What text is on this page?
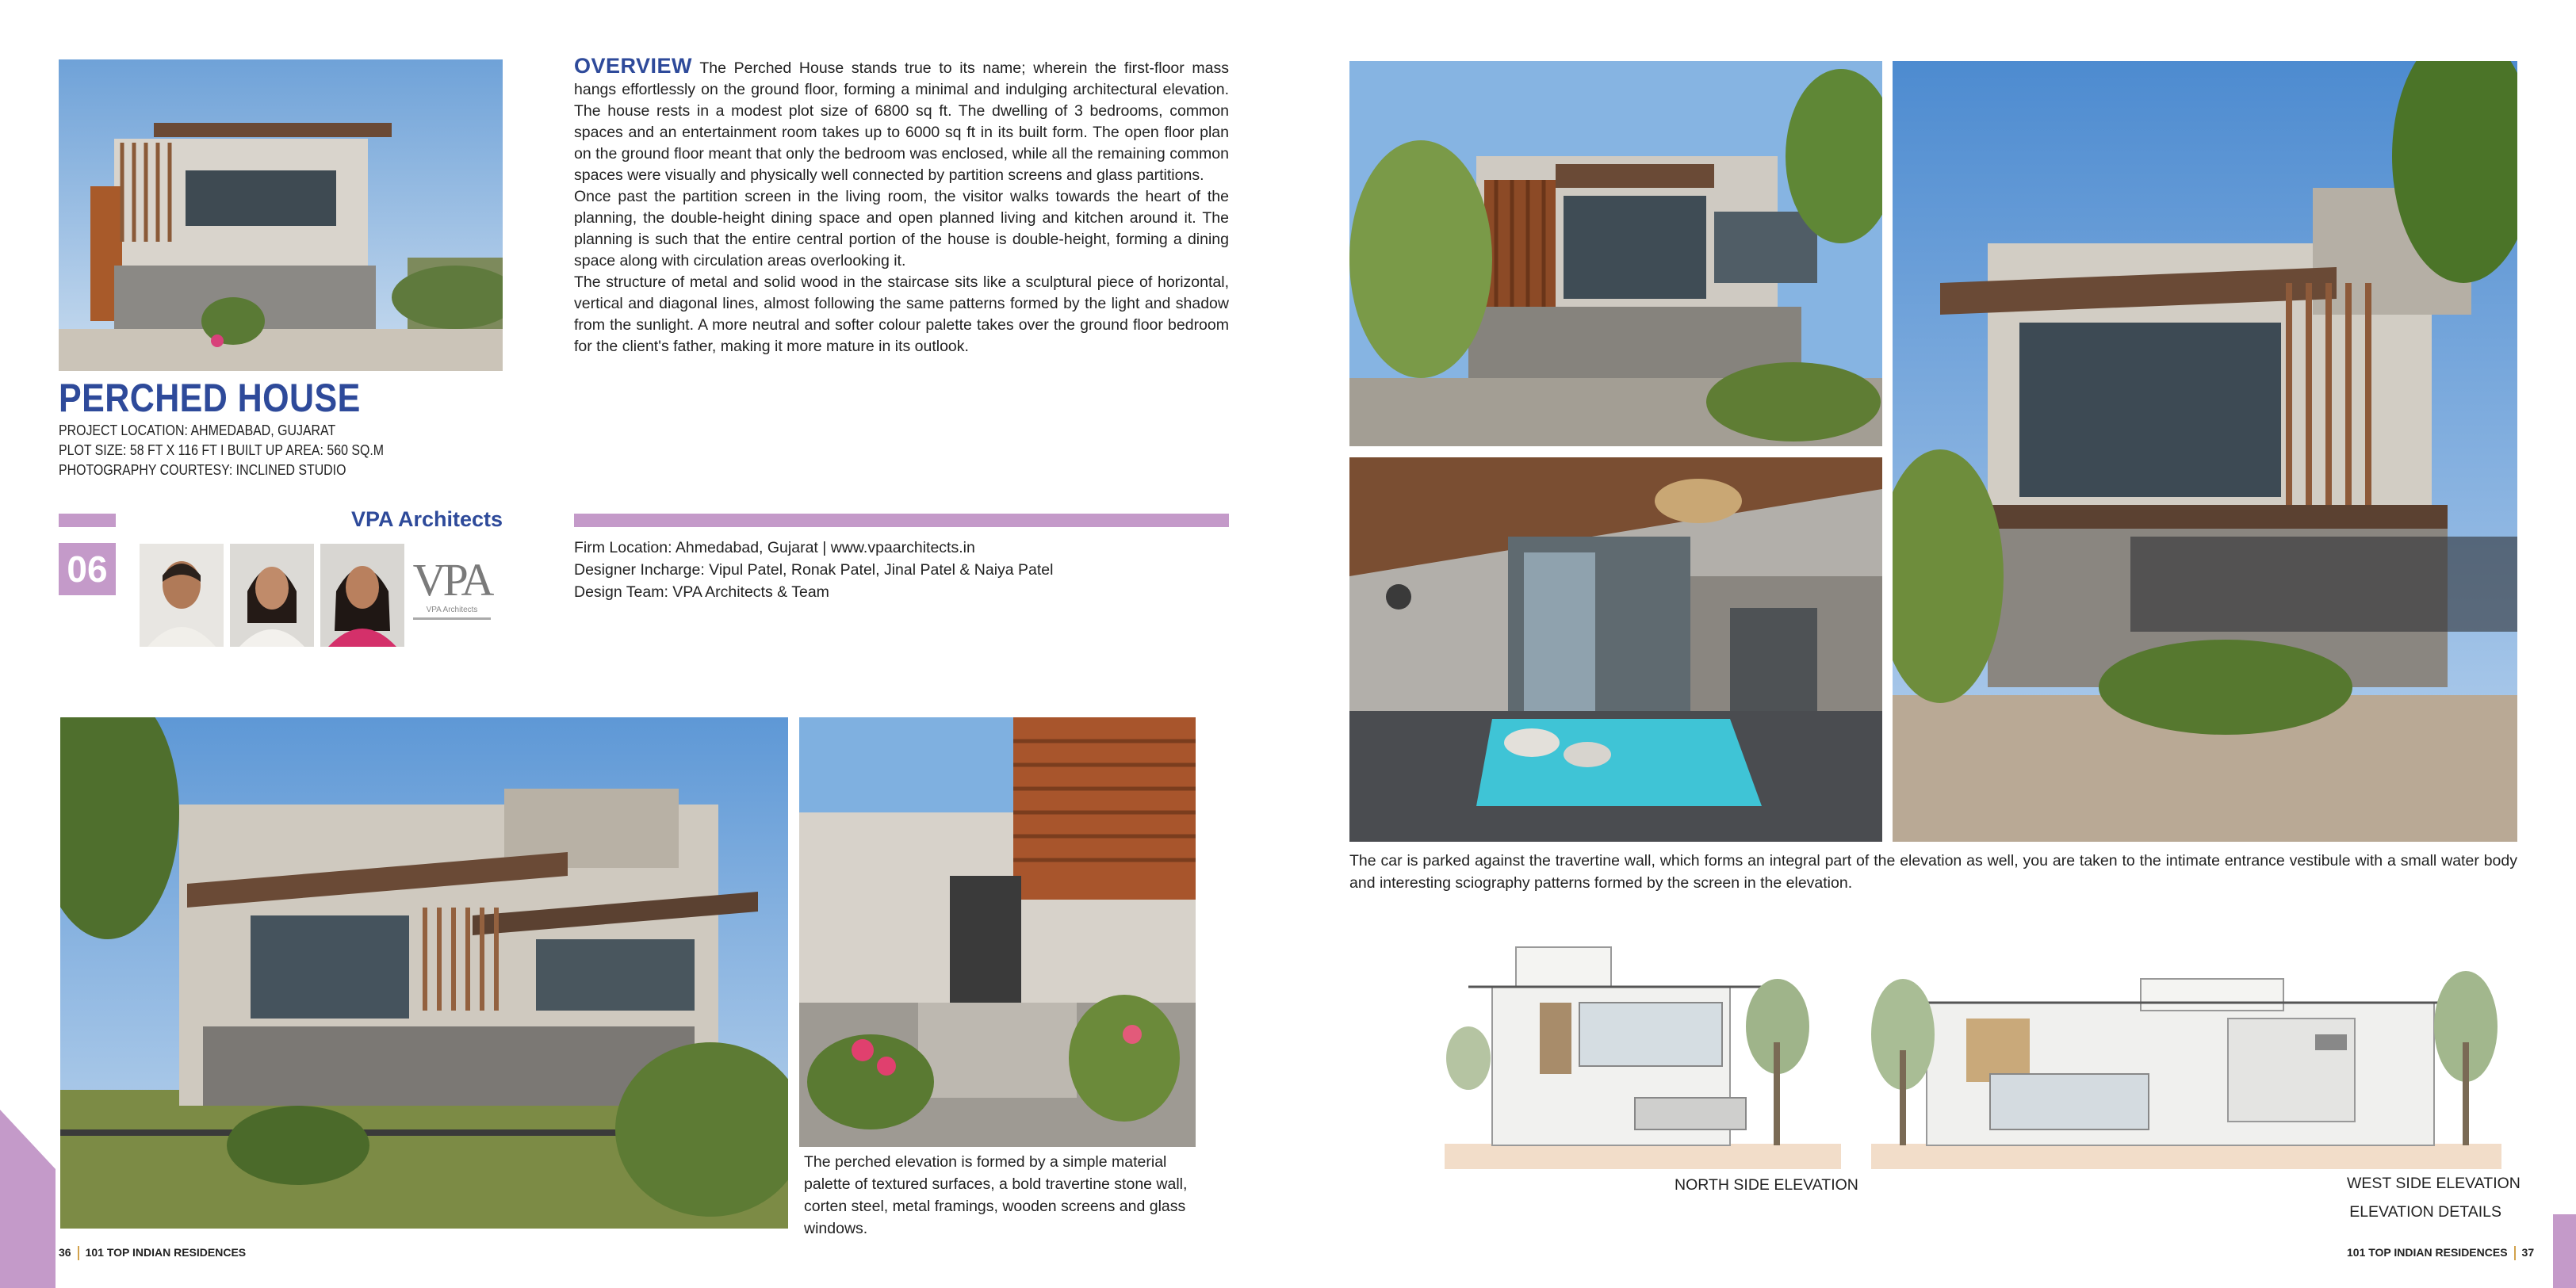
OVERVIEW The Perched House stands true to its name; wherein the first-floor mass hangs effortlessly on the ground floor, forming a minimal and indulging architectural elevation. The house rests in a modest plot size of 6800 sq ft. The dwelling of 3 bedrooms, common spaces and an entertainment room takes up to 6000 sq ft in its built form. The open floor plan on the ground floor meant that only the bedroom was enclosed, while all the remaining common spaces were visually and physically well connected by partition screens and glass partitions.

Once past the partition screen in the living room, the visitor walks towards the heart of the planning, the double-height dining space and open planned living and kitchen around it. The planning is such that the entire central portion of the house is double-height, forming a dining space along with circulation areas overlooking it.

The structure of metal and solid wood in the staircase sits like a sculptural piece of horizontal, vertical and diagonal lines, almost following the same patterns formed by the light and shadow from the sunlight. A more neutral and softer colour palette takes over the ground floor bedroom for the client's father, making it more mature in its outlook.

PERCHED HOUSE
PROJECT LOCATION: AHMEDABAD, GUJARAT
PLOT SIZE: 58 FT X 116 FT I BUILT UP AREA: 560 SQ.M
PHOTOGRAPHY COURTESY: INCLINED STUDIO
VPA Architects
06	VPA
VPA Architects
Firm Location: Ahmedabad, Gujarat | www.vpaarchitects.in
Designer Incharge: Vipul Patel, Ronak Patel, Jinal Patel & Naiya Patel
Design Team: VPA Architects & Team
The perched elevation is formed by a simple material palette of textured surfaces, a bold travertine stone wall, corten steel, metal framings, wooden screens and glass windows.
36 101 TOP INDIAN RESIDENCES
The car is parked against the travertine wall, which forms an integral part of the elevation as well, you are taken to the intimate entrance vestibule with a small water body and interesting sciography patterns formed by the screen in the elevation.
NORTH SIDE ELEVATION	WEST SIDE ELEVATION
ELEVATION DETAILS
101 TOP INDIAN RESIDENCES 37
